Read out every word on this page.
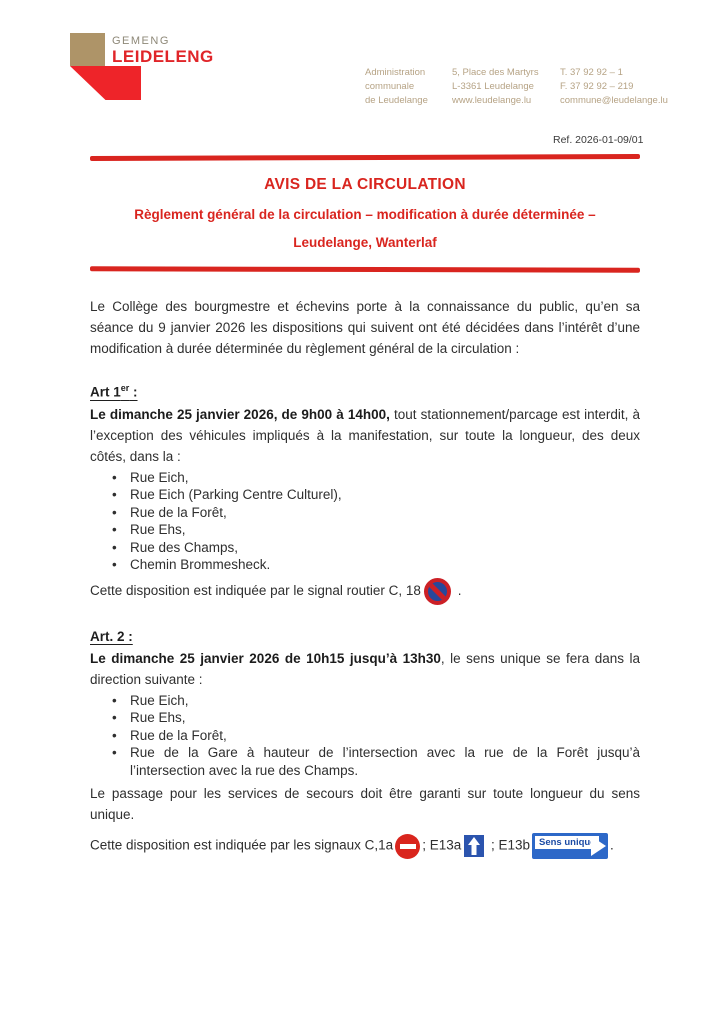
GEMENG
LEIDELENG
Administration
communale
de Leudelange
5, Place des Martyrs
L-3361 Leudelange
www.leudelange.lu
T. 37 92 92 – 1
F. 37 92 92 – 219
commune@leudelange.lu
Ref. 2026-01-09/01
AVIS DE LA CIRCULATION
Règlement général de la circulation – modification à durée déterminée –
Leudelange, Wanterlaf

Le Collège des bourgmestre et échevins porte à la connaissance du public, qu’en sa séance du 9 janvier 2026 les dispositions qui suivent ont été décidées dans l’intérêt d’une modification à durée déterminée du règlement général de la circulation :

Art 1er :

Le dimanche 25 janvier 2026, de 9h00 à 14h00, tout stationnement/parcage est interdit, à l’exception des véhicules impliqués à la manifestation, sur toute la longueur, des deux côtés, dans la :

• Rue Eich,
• Rue Eich (Parking Centre Culturel),
• Rue de la Forêt,
• Rue Ehs,
• Rue des Champs,
• Chemin Brommesheck.

Cette disposition est indiquée par le signal routier C, 18
.

Art. 2 :

Le dimanche 25 janvier 2026 de 10h15 jusqu’à 13h30, le sens unique se fera dans la direction suivante :

• Rue Eich,
• Rue Ehs,
• Rue de la Forêt,
• Rue de la Gare à hauteur de l’intersection avec la rue de la Forêt jusqu’à l’intersection avec la rue des Champs.

Le passage pour les services de secours doit être garanti sur toute longueur du sens unique.

Cette disposition est indiquée par les signaux C,1a ; E13a ; E13b Sens unique .
